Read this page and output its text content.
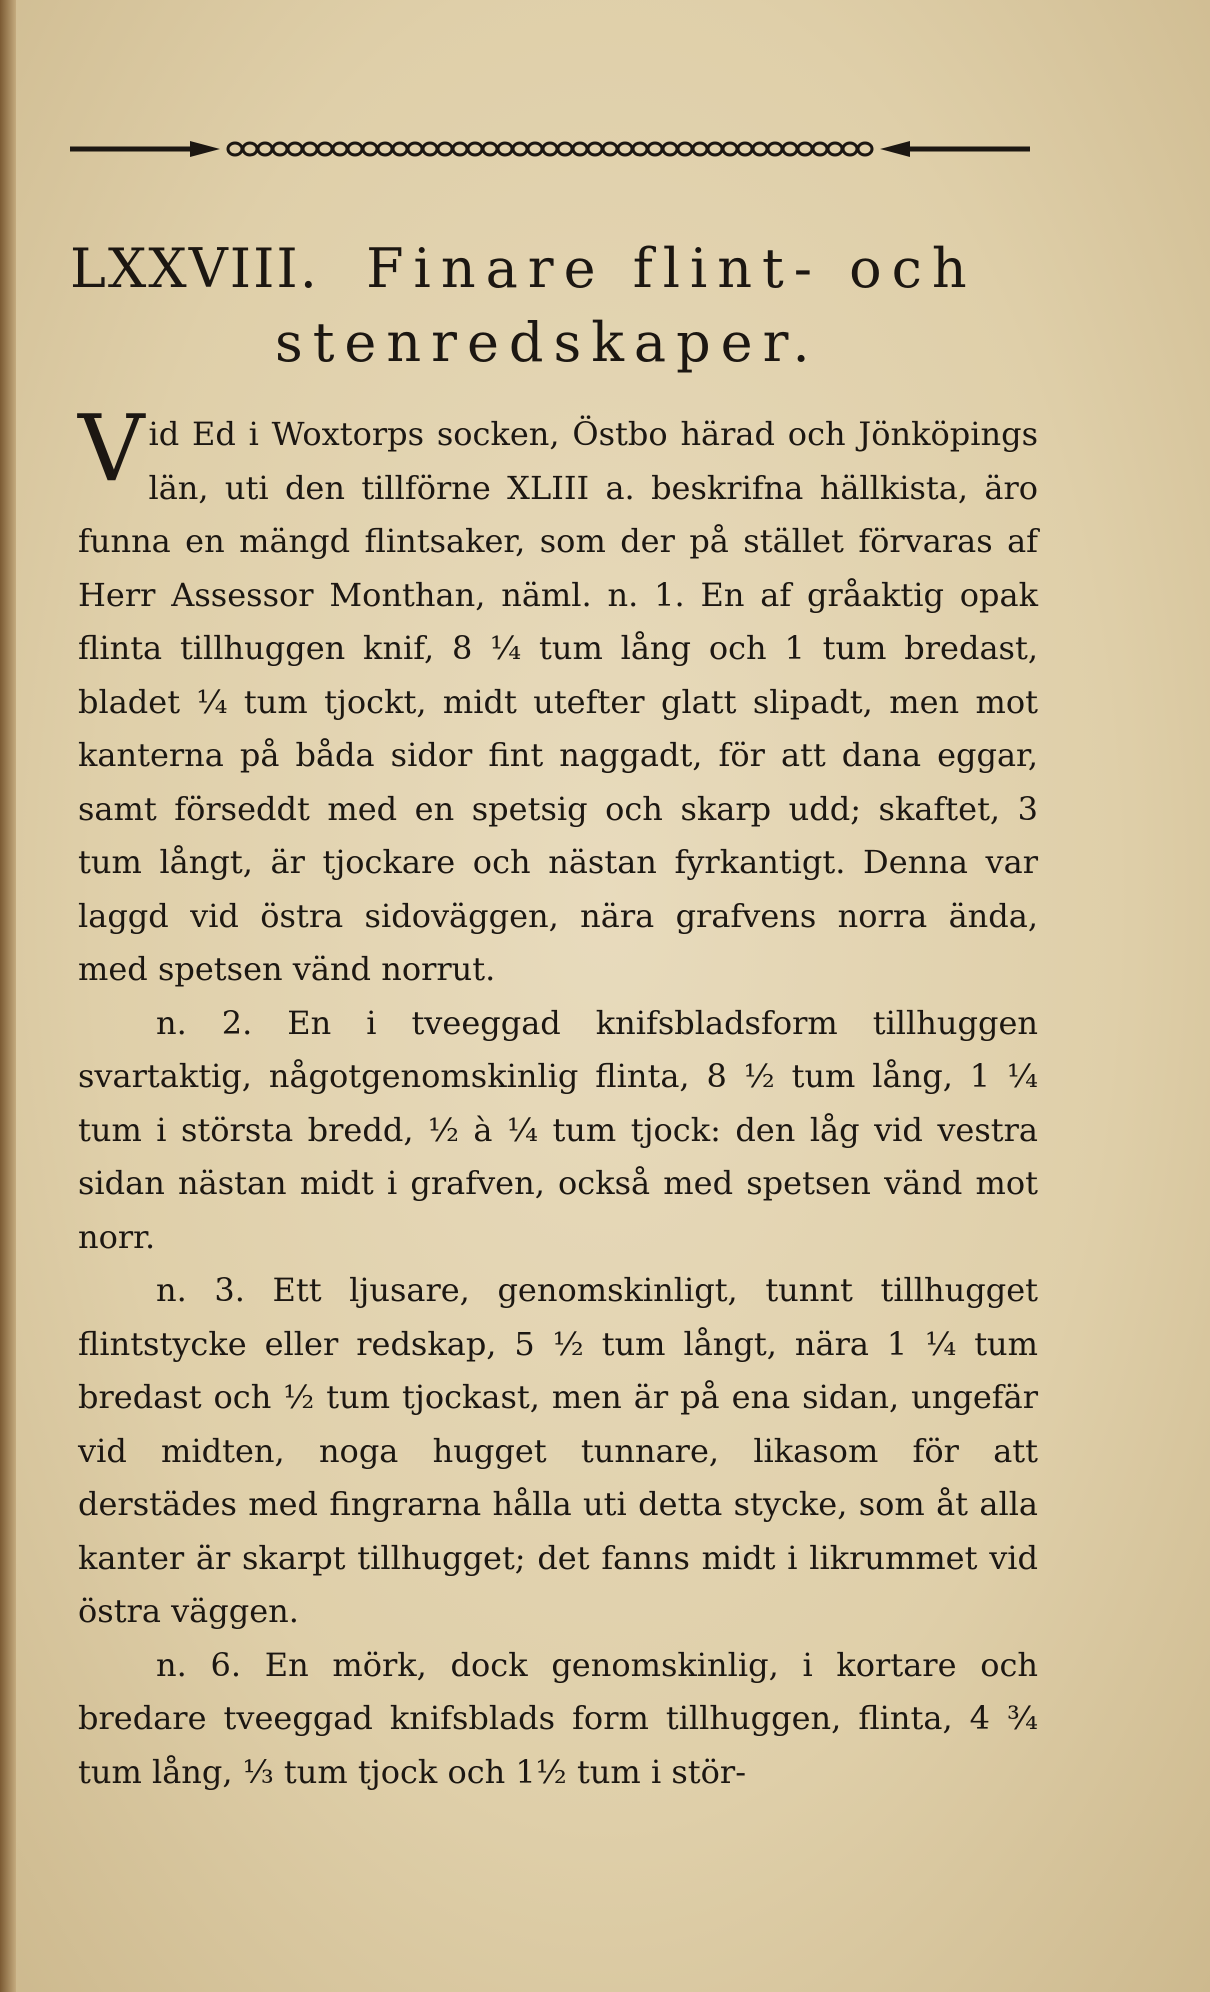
LXXVIII. Finare flint- och
stenredskaper.

Vid Ed i Woxtorps socken, Östbo härad och Jönköpings län, uti den tillförne XLIII a. beskrifna hällkista, äro funna en mängd flintsaker, som der på stället förvaras af Herr Assessor Monthan, näml. n. 1. En af gråaktig opak flinta tillhuggen knif, 8 ¼ tum lång och 1 tum bredast, bladet ¼ tum tjockt, midt utefter glatt slipadt, men mot kanterna på båda sidor fint naggadt, för att dana eggar, samt förseddt med en spetsig och skarp udd; skaftet, 3 tum långt, är tjockare och nästan fyrkantigt. Denna var laggd vid östra sidoväggen, nära grafvens norra ända, med spetsen vänd norrut.

n. 2. En i tveeggad knifsbladsform tillhuggen svartaktig, någotgenomskinlig flinta, 8 ½ tum lång, 1 ¼ tum i största bredd, ½ à ¼ tum tjock: den låg vid vestra sidan nästan midt i grafven, också med spetsen vänd mot norr.

n. 3. Ett ljusare, genomskinligt, tunnt tillhugget flintstycke eller redskap, 5 ½ tum långt, nära 1 ¼ tum bredast och ½ tum tjockast, men är på ena sidan, ungefär vid midten, noga hugget tunnare, likasom för att derstädes med fingrarna hålla uti detta stycke, som åt alla kanter är skarpt tillhugget; det fanns midt i likrummet vid östra väggen.

n. 6. En mörk, dock genomskinlig, i kortare och bredare tveeggad knifsblads form tillhuggen, flinta, 4 ¾ tum lång, ⅓ tum tjock och 1½ tum i stör-
